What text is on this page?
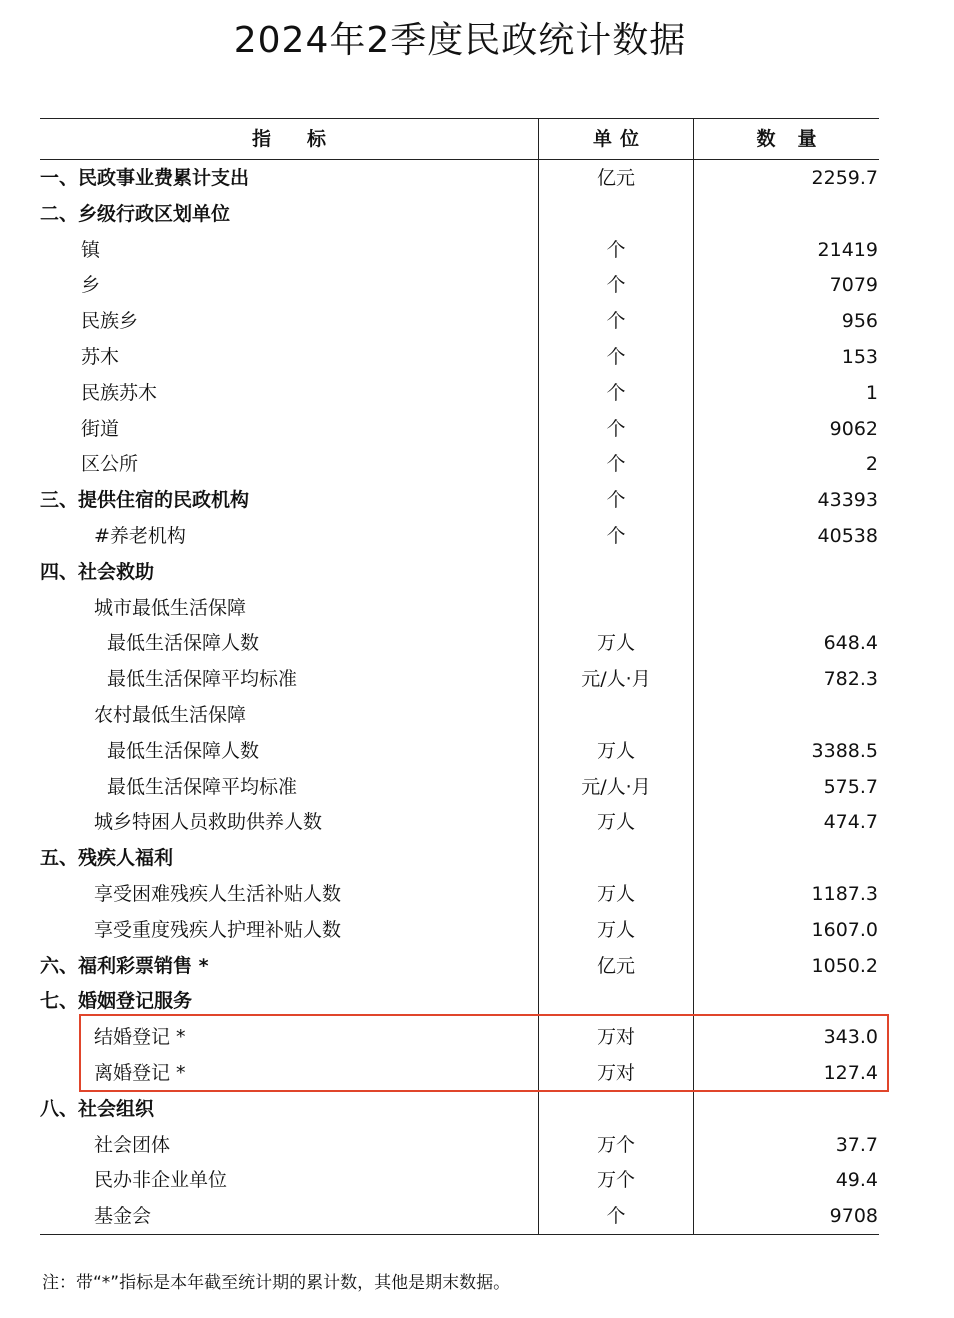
2024年2季度民政统计数据
指标	单位	数量
一、民政事业费累计支出	亿元	2259.7
二、乡级行政区划单位
镇	个	21419
乡	个	7079
民族乡	个	956
苏木	个	153
民族苏木	个	1
街道	个	9062
区公所	个	2
三、提供住宿的民政机构	个	43393
#养老机构	个	40538
四、社会救助
城市最低生活保障
最低生活保障人数	万人	648.4
最低生活保障平均标准	元/人·月	782.3
农村最低生活保障
最低生活保障人数	万人	3388.5
最低生活保障平均标准	元/人·月	575.7
城乡特困人员救助供养人数	万人	474.7
五、残疾人福利
享受困难残疾人生活补贴人数	万人	1187.3
享受重度残疾人护理补贴人数	万人	1607.0
六、福利彩票销售 *	亿元	1050.2
七、婚姻登记服务
结婚登记 *	万对	343.0
离婚登记 *	万对	127.4
八、社会组织
社会团体	万个	37.7
民办非企业单位	万个	49.4
基金会	个	9708
注：带“*”指标是本年截至统计期的累计数，其他是期末数据。
